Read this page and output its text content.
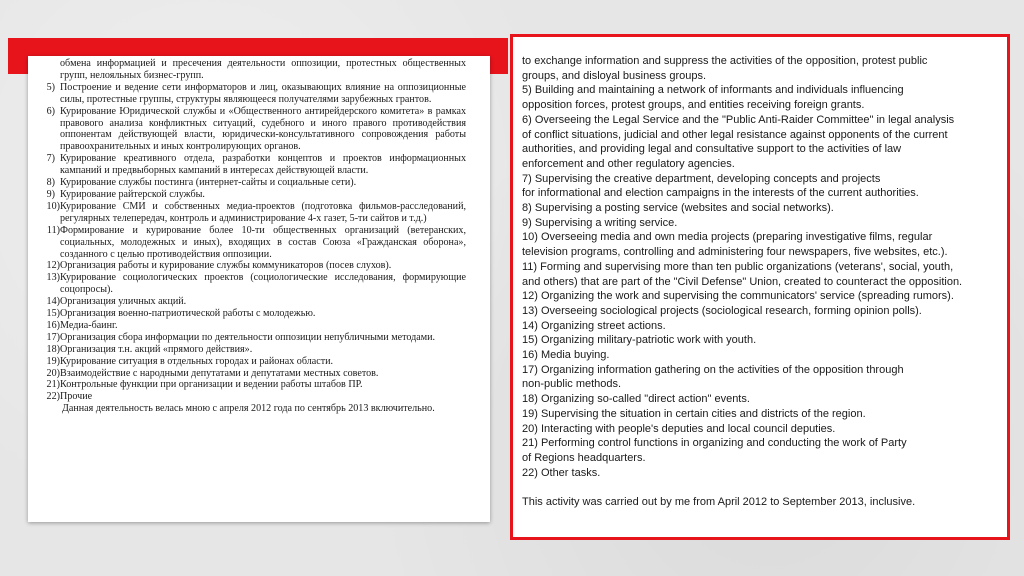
обмена информацией и пресечения деятельности оппозиции, протестных общественных групп, нелояльных бизнес-групп.
5) Построение и ведение сети информаторов и лиц, оказывающих влияние на оппозиционные силы, протестные группы, структуры являющееся получателями зарубежных грантов.
6) Курирование Юридической службы и «Общественного антирейдерского комитета» в рамках правового анализа конфликтных ситуаций, судебного и иного правого противодействия оппонентам действующей власти, юридически-консультативного сопровождения работы правоохранительных и иных контролирующих органов.
7) Курирование креативного отдела, разработки концептов и проектов информационных кампаний и предвыборных кампаний в интересах действующей власти.
8) Курирование службы постинга (интернет-сайты и социальные сети).
9) Курирование райтерской службы.
10) Курирование СМИ и собственных медиа-проектов (подготовка фильмов-расследований, регулярных телепередач, контроль и администрирование 4-х газет, 5-ти сайтов и т.д.)
11) Формирование и курирование более 10-ти общественных организаций (ветеранских, социальных, молодежных и иных), входящих в состав Союза «Гражданская оборона», созданного с целью противодействия оппозиции.
12) Организация работы и курирование службы коммуникаторов (посев слухов).
13) Курирование социологических проектов (социологические исследования, формирующие соцопросы).
14) Организация уличных акций.
15) Организация военно-патриотической работы с молодежью.
16) Медиа-баинг.
17) Организация сбора информации по деятельности оппозиции непубличными методами.
18) Организация т.н. акций «прямого действия».
19) Курирование ситуация в отдельных городах и районах области.
20) Взаимодействие с народными депутатами и депутатами местных советов.
21) Контрольные функции при организации и ведении работы штабов ПР.
22) Прочие
Данная деятельность велась мною с апреля 2012 года по сентябрь 2013 включительно.
to exchange information and suppress the activities of the opposition, protest public
groups, and disloyal business groups.
5) Building and maintaining a network of informants and individuals influencing
opposition forces, protest groups, and entities receiving foreign grants.
6) Overseeing the Legal Service and the "Public Anti-Raider Committee" in legal analysis
of conflict situations, judicial and other legal resistance against opponents of the current
authorities, and providing legal and consultative support to the activities of law
enforcement and other regulatory agencies.
7) Supervising the creative department, developing concepts and projects
for informational and election campaigns in the interests of the current authorities.
8) Supervising a posting service (websites and social networks).
9) Supervising a writing service.
10) Overseeing media and own media projects (preparing investigative films, regular
television programs, controlling and administering four newspapers, five websites, etc.).
11) Forming and supervising more than ten public organizations (veterans', social, youth,
and others) that are part of the "Civil Defense" Union, created to counteract the opposition.
12) Organizing the work and supervising the communicators' service (spreading rumors).
13) Overseeing sociological projects (sociological research, forming opinion polls).
14) Organizing street actions.
15) Organizing military-patriotic work with youth.
16) Media buying.
17) Organizing information gathering on the activities of the opposition through
non-public methods.
18) Organizing so-called "direct action" events.
19) Supervising the situation in certain cities and districts of the region.
20) Interacting with people's deputies and local council deputies.
21) Performing control functions in organizing and conducting the work of Party
of Regions headquarters.
22) Other tasks.
This activity was carried out by me from April 2012 to September 2013, inclusive.
